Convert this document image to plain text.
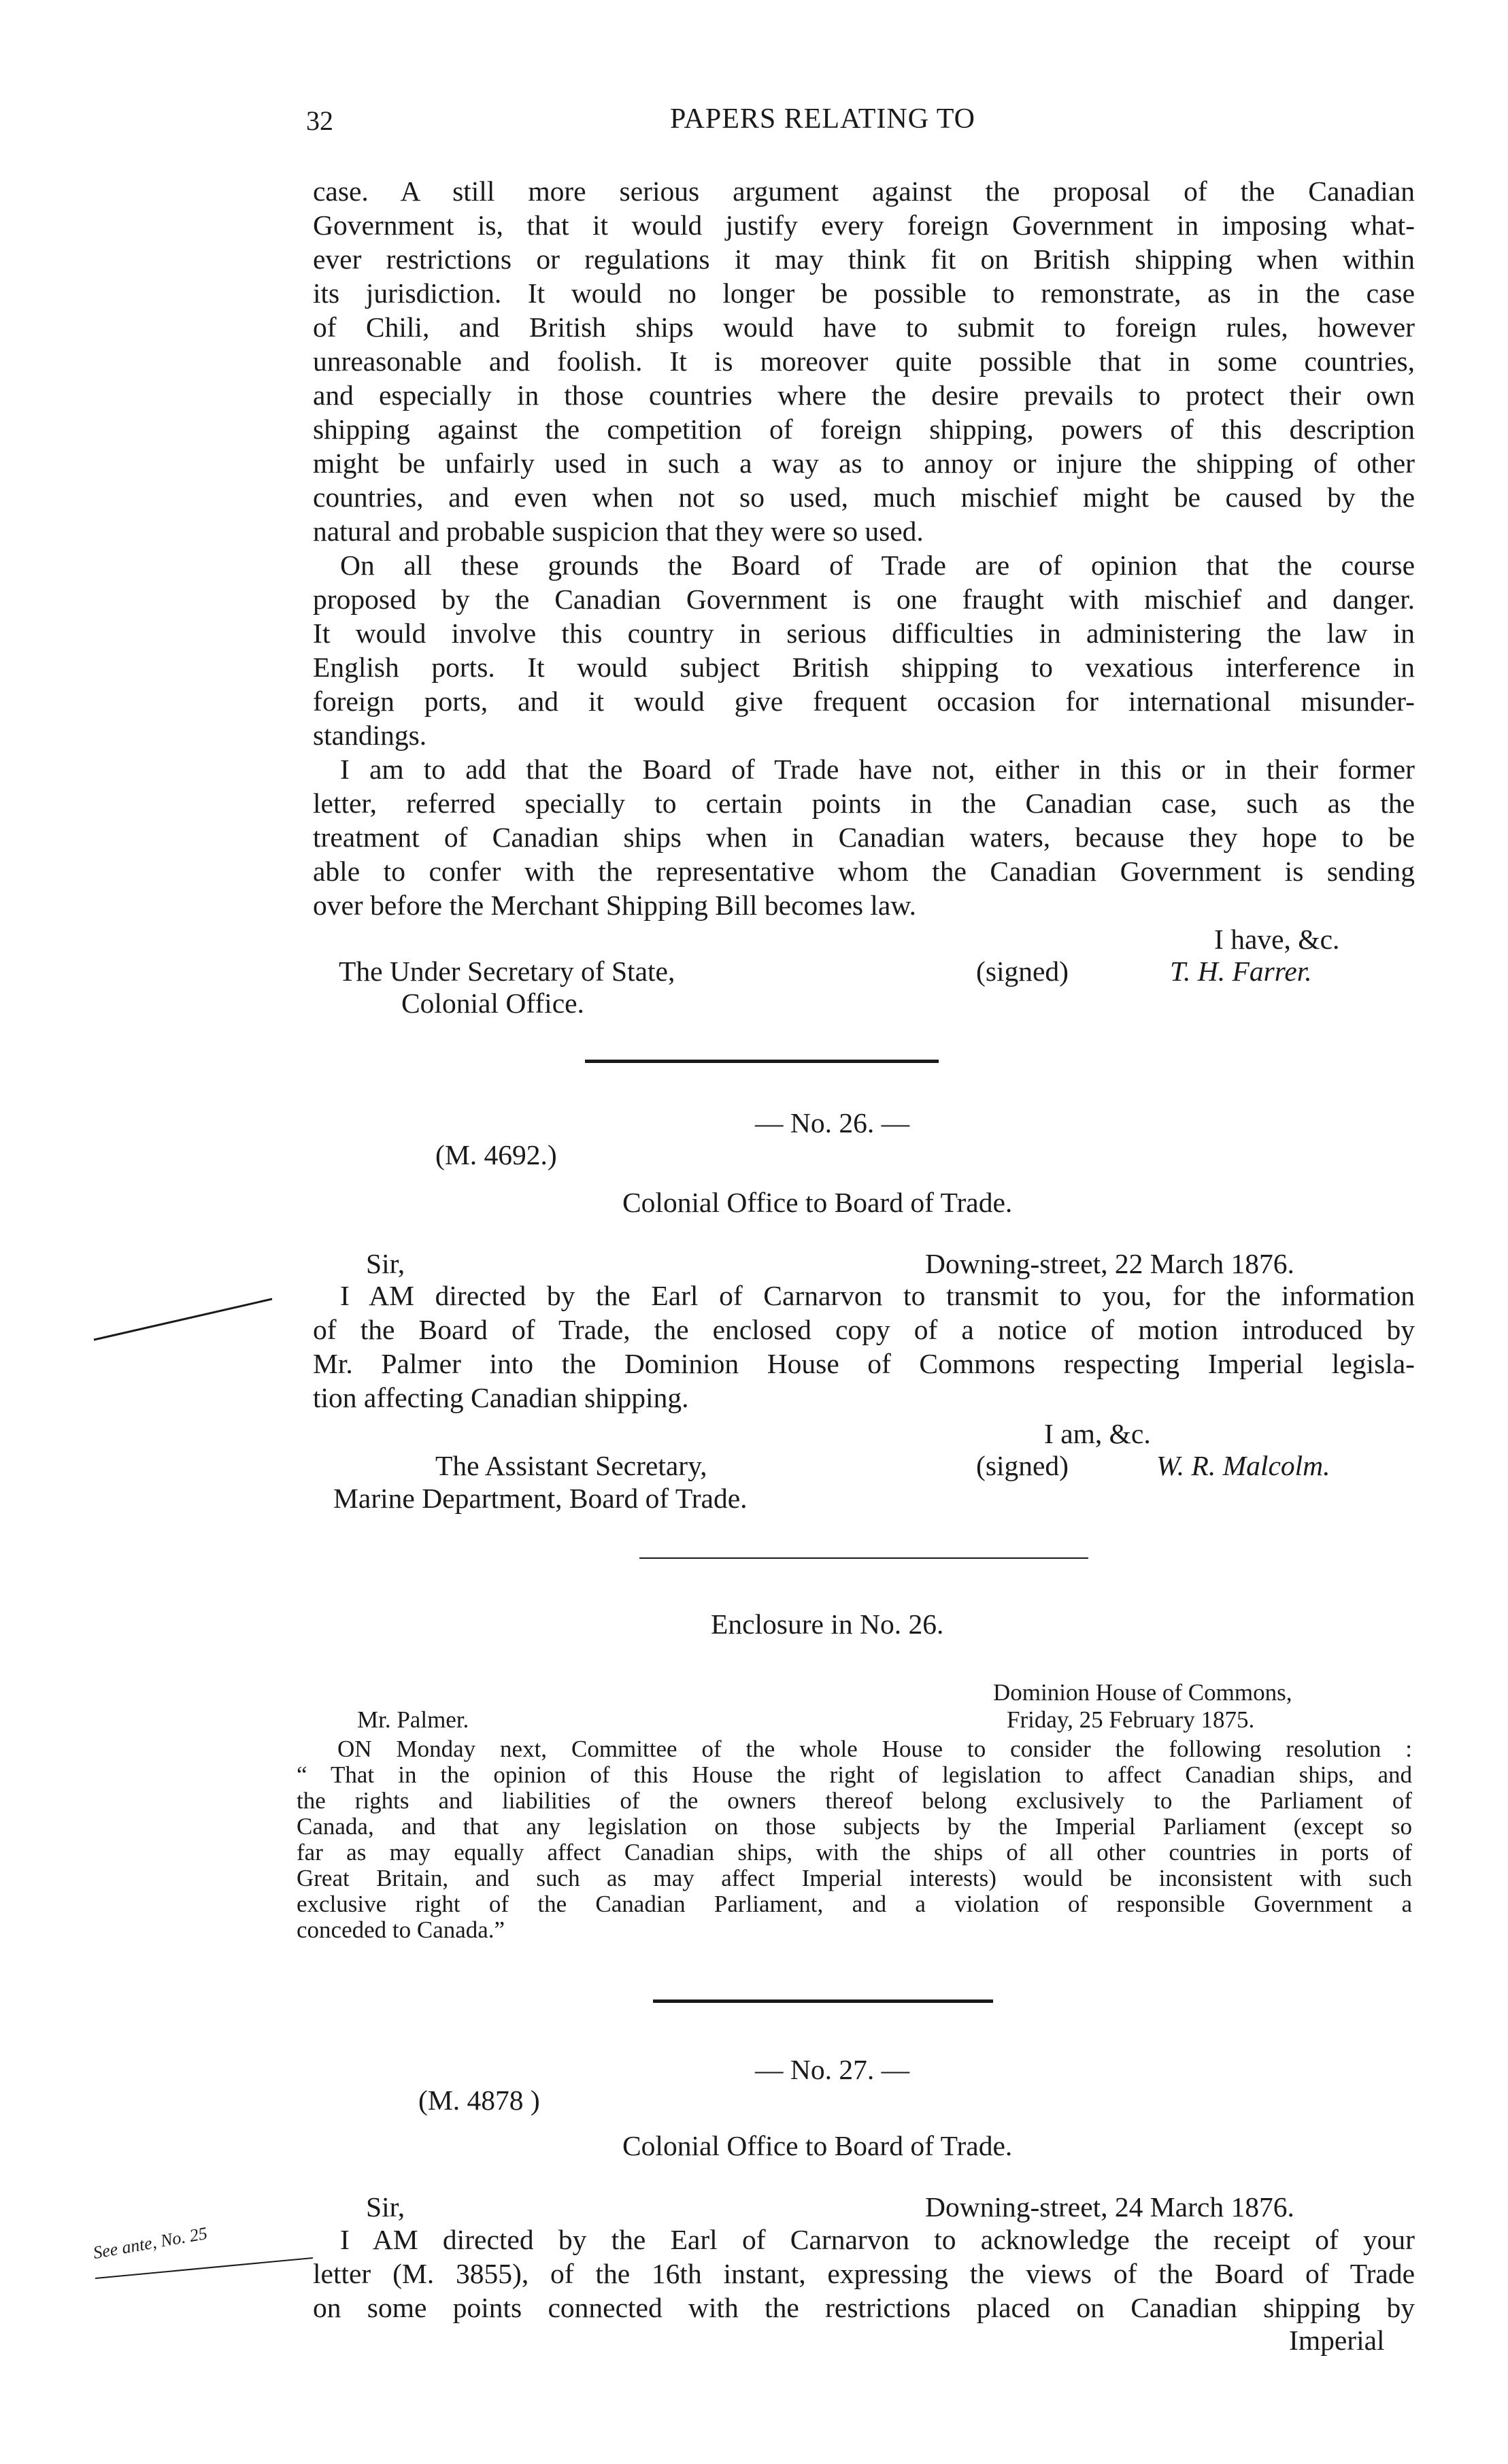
32	PAPERS RELATING TO
case. A still more serious argument against the proposal of the Canadian
Government is, that it would justify every foreign Government in imposing what-
ever restrictions or regulations it may think fit on British shipping when within
its jurisdiction. It would no longer be possible to remonstrate, as in the case
of Chili, and British ships would have to submit to foreign rules, however
unreasonable and foolish. It is moreover quite possible that in some countries,
and especially in those countries where the desire prevails to protect their own
shipping against the competition of foreign shipping, powers of this description
might be unfairly used in such a way as to annoy or injure the shipping of other
countries, and even when not so used, much mischief might be caused by the
natural and probable suspicion that they were so used.
On all these grounds the Board of Trade are of opinion that the course
proposed by the Canadian Government is one fraught with mischief and danger.
It would involve this country in serious difficulties in administering the law in
English ports. It would subject British shipping to vexatious interference in
foreign ports, and it would give frequent occasion for international misunder-
standings.
I am to add that the Board of Trade have not, either in this or in their former
letter, referred specially to certain points in the Canadian case, such as the
treatment of Canadian ships when in Canadian waters, because they hope to be
able to confer with the representative whom the Canadian Government is sending
over before the Merchant Shipping Bill becomes law.
I have, &c.
The Under Secretary of State,
Colonial Office.
(signed)	T. H. Farrer.
— No. 26. —
(M. 4692.)
Colonial Office to Board of Trade.
Sir,	Downing-street, 22 March 1876.
I AM directed by the Earl of Carnarvon to transmit to you, for the information
of the Board of Trade, the enclosed copy of a notice of motion introduced by
Mr. Palmer into the Dominion House of Commons respecting Imperial legisla-
tion affecting Canadian shipping.
I am, &c.
The Assistant Secretary,
Marine Department, Board of Trade.
(signed)	W. R. Malcolm.
Enclosure in No. 26.
Dominion House of Commons,
Mr. Palmer.	Friday, 25 February 1875.
ON Monday next, Committee of the whole House to consider the following resolution :
“ That in the opinion of this House the right of legislation to affect Canadian ships, and
the rights and liabilities of the owners thereof belong exclusively to the Parliament of
Canada, and that any legislation on those subjects by the Imperial Parliament (except so
far as may equally affect Canadian ships, with the ships of all other countries in ports of
Great Britain, and such as may affect Imperial interests) would be inconsistent with such
exclusive right of the Canadian Parliament, and a violation of responsible Government a
conceded to Canada.”
— No. 27. —
(M. 4878 )
Colonial Office to Board of Trade.
Sir,	Downing-street, 24 March 1876.
I AM directed by the Earl of Carnarvon to acknowledge the receipt of your
letter (M. 3855), of the 16th instant, expressing the views of the Board of Trade
on some points connected with the restrictions placed on Canadian shipping by
Imperial
See ante, No. 25
